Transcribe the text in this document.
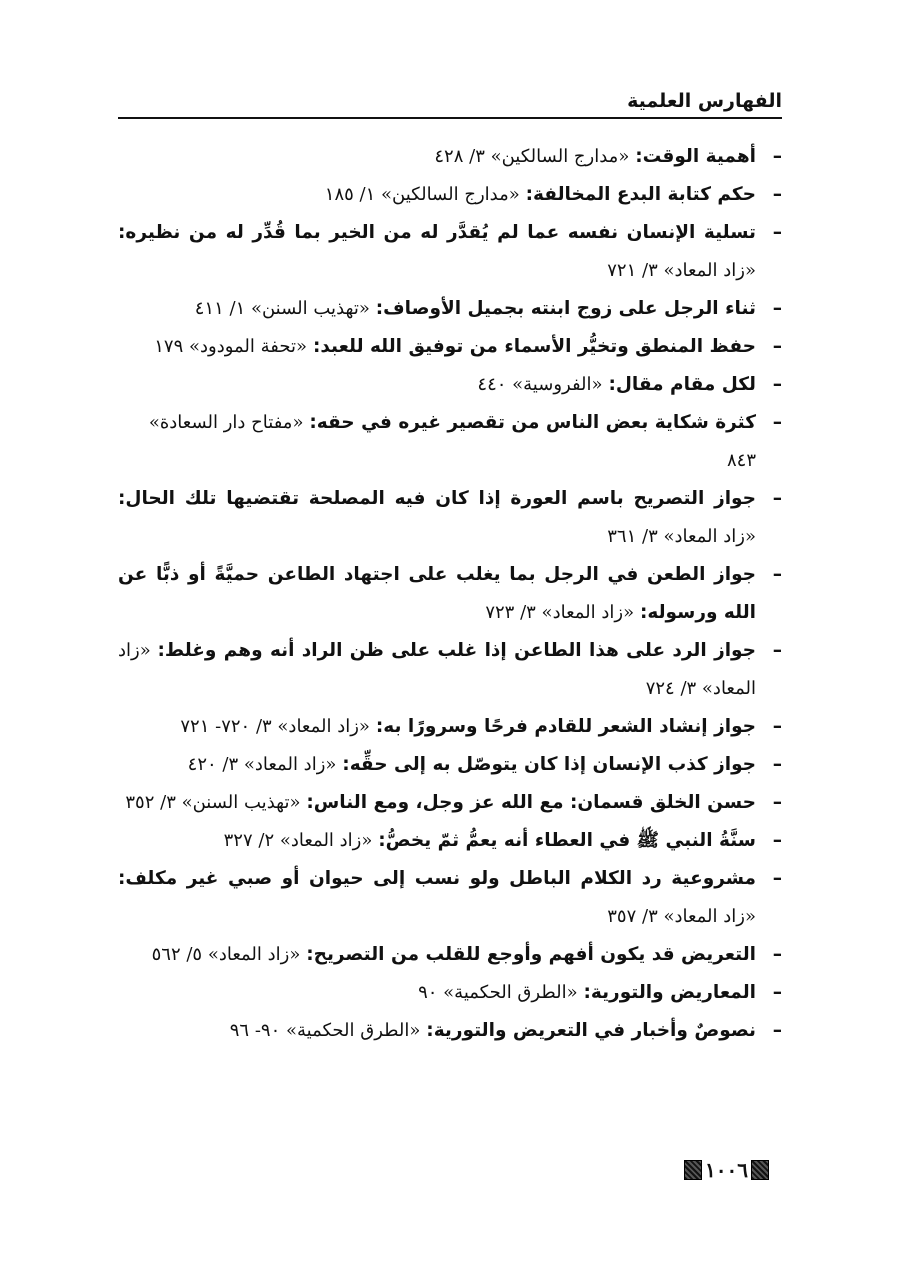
الفهارس العلمية
–
أهمية الوقت: «مدارج السالكين» ٣/ ٤٢٨
–
حكم كتابة البدع المخالفة: «مدارج السالكين» ١/ ١٨٥
–
تسلية الإنسان نفسه عما لم يُقدَّر له من الخير بما قُدِّر له من نظيره: «زاد المعاد» ٣/ ٧٢١
–
ثناء الرجل على زوج ابنته بجميل الأوصاف: «تهذيب السنن» ١/ ٤١١
–
حفظ المنطق وتخيُّر الأسماء من توفيق الله للعبد: «تحفة المودود» ١٧٩
–
لكل مقام مقال: «الفروسية» ٤٤٠
–
كثرة شكاية بعض الناس من تقصير غيره في حقه: «مفتاح دار السعادة» ٨٤٣
–
جواز التصريح باسم العورة إذا كان فيه المصلحة تقتضيها تلك الحال: «زاد المعاد» ٣/ ٣٦١
–
جواز الطعن في الرجل بما يغلب على اجتهاد الطاعن حميَّةً أو ذبًّا عن الله ورسوله: «زاد المعاد» ٣/ ٧٢٣
–
جواز الرد على هذا الطاعن إذا غلب على ظن الراد أنه وهم وغلط: «زاد المعاد» ٣/ ٧٢٤
–
جواز إنشاد الشعر للقادم فرحًا وسرورًا به: «زاد المعاد» ٣/ ٧٢٠- ٧٢١
–
جواز كذب الإنسان إذا كان يتوصّل به إلى حقِّه: «زاد المعاد» ٣/ ٤٢٠
–
حسن الخلق قسمان: مع الله عز وجل، ومع الناس: «تهذيب السنن» ٣/ ٣٥٢
–
سنَّةُ النبي ﷺ في العطاء أنه يعمُّ ثمّ يخصُّ: «زاد المعاد» ٢/ ٣٢٧
–
مشروعية رد الكلام الباطل ولو نسب إلى حيوان أو صبي غير مكلف: «زاد المعاد» ٣/ ٣٥٧
–
التعريض قد يكون أفهم وأوجع للقلب من التصريح: «زاد المعاد» ٥/ ٥٦٢
–
المعاريض والتورية: «الطرق الحكمية» ٩٠
–
نصوصٌ وأخبار في التعريض والتورية: «الطرق الحكمية» ٩٠- ٩٦
١٠٠٦
